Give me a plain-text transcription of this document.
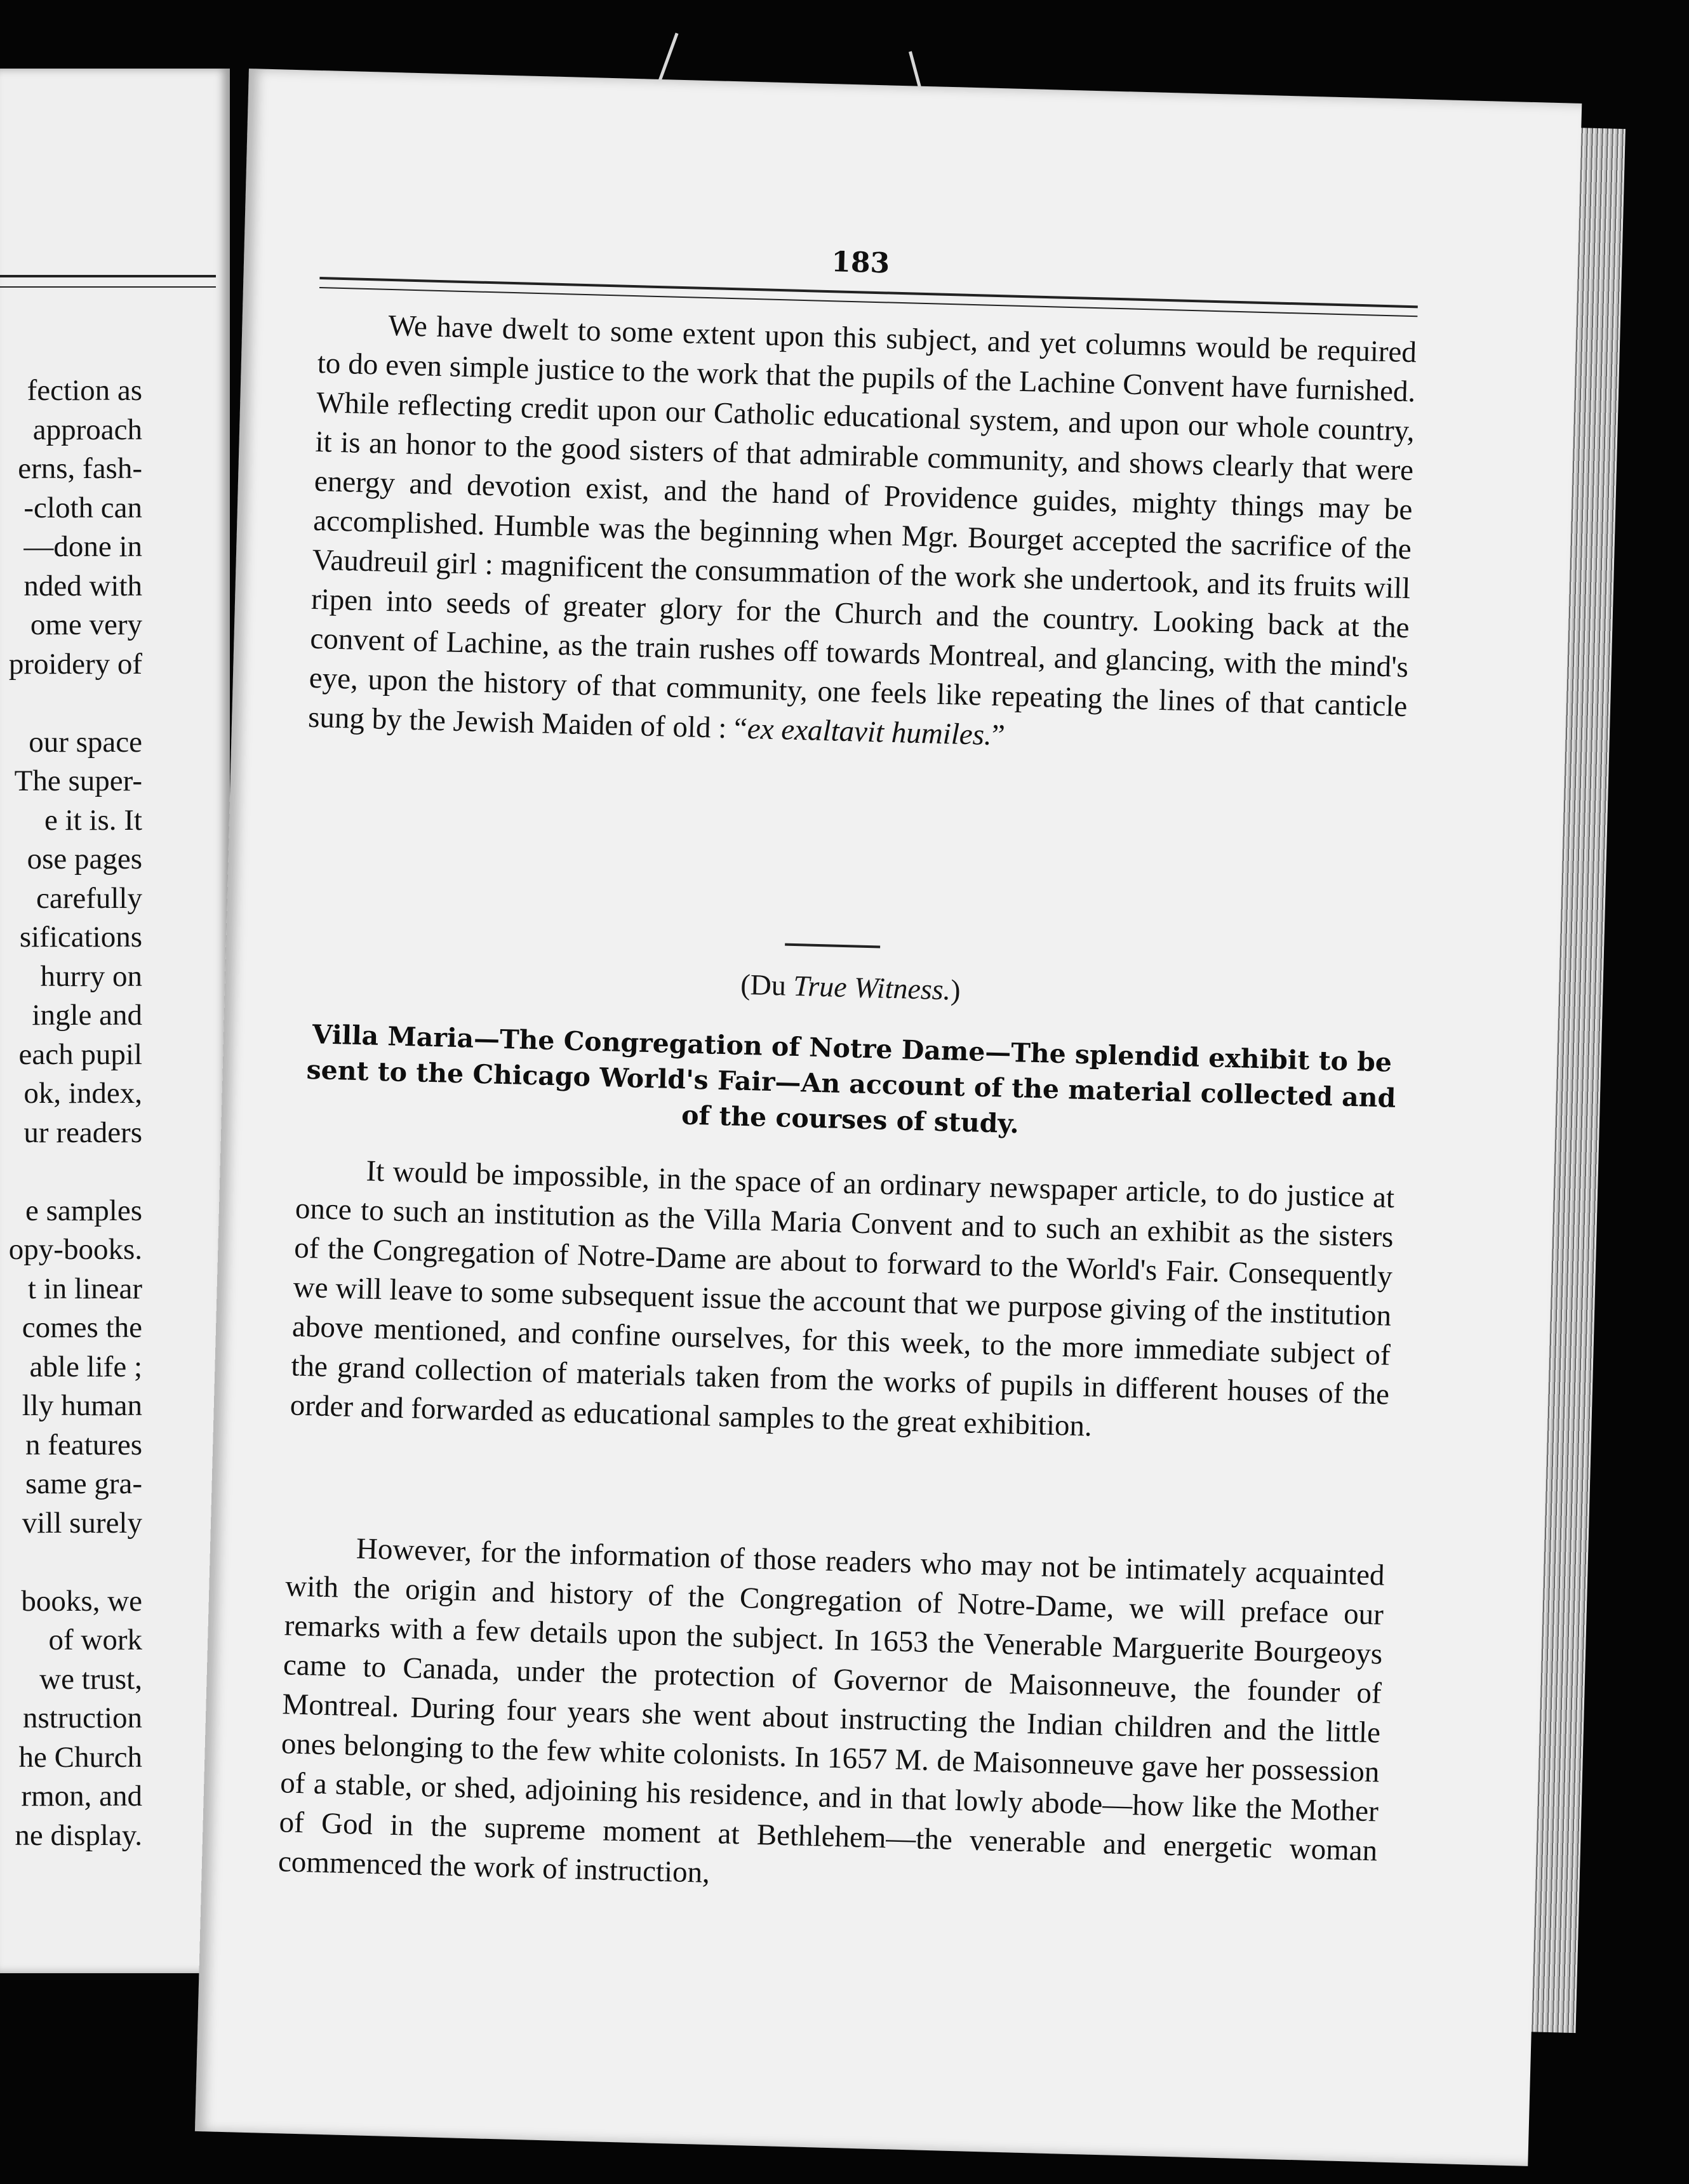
fection as
approach
erns, fash-
-cloth can
—done in
nded with
ome very
proidery of
our space
The super-
e it is. It
ose pages
carefully
sifications
hurry on
ingle and
each pupil
ok, index,
ur readers
e samples
opy-books.
t in linear
comes the
able life ;
lly human
n features
same gra-
vill surely
books, we
of work
we trust,
nstruction
he Church
rmon, and
ne display.
183

We have dwelt to some extent upon this subject, and yet columns would be required to do even simple justice to the work that the pupils of the Lachine Convent have furnished. While reflecting credit upon our Catholic educational system, and upon our whole country, it is an honor to the good sisters of that admirable community, and shows clearly that were energy and devotion exist, and the hand of Providence guides, mighty things may be accomplished. Humble was the beginning when Mgr. Bourget accepted the sacrifice of the Vaudreuil girl : magnificent the consummation of the work she undertook, and its fruits will ripen into seeds of greater glory for the Church and the country. Looking back at the convent of Lachine, as the train rushes off towards Montreal, and glancing, with the mind's eye, upon the history of that community, one feels like repeating the lines of that canticle sung by the Jewish Maiden of old : “ex exaltavit humiles.”

(Du True Witness.)
Villa Maria—The Congregation of Notre Dame—The splendid exhibit to be sent to the Chicago World's Fair—An account of the material collected and of the courses of study.

It would be impossible, in the space of an ordinary newspaper article, to do justice at once to such an institution as the Villa Maria Convent and to such an exhibit as the sisters of the Congregation of Notre-Dame are about to forward to the World's Fair. Consequently we will leave to some subsequent issue the account that we purpose giving of the institution above mentioned, and confine ourselves, for this week, to the more immediate subject of the grand collection of materials taken from the works of pupils in different houses of the order and forwarded as educational samples to the great exhibition.

However, for the information of those readers who may not be intimately acquainted with the origin and history of the Congregation of Notre-Dame, we will preface our remarks with a few details upon the subject. In 1653 the Venerable Marguerite Bourgeoys came to Canada, under the protection of Governor de Maisonneuve, the founder of Montreal. During four years she went about instructing the Indian children and the little ones belonging to the few white colonists. In 1657 M. de Maisonneuve gave her possession of a stable, or shed, adjoining his residence, and in that lowly abode—how like the Mother of God in the supreme moment at Bethlehem—the venerable and energetic woman commenced the work of instruction,
